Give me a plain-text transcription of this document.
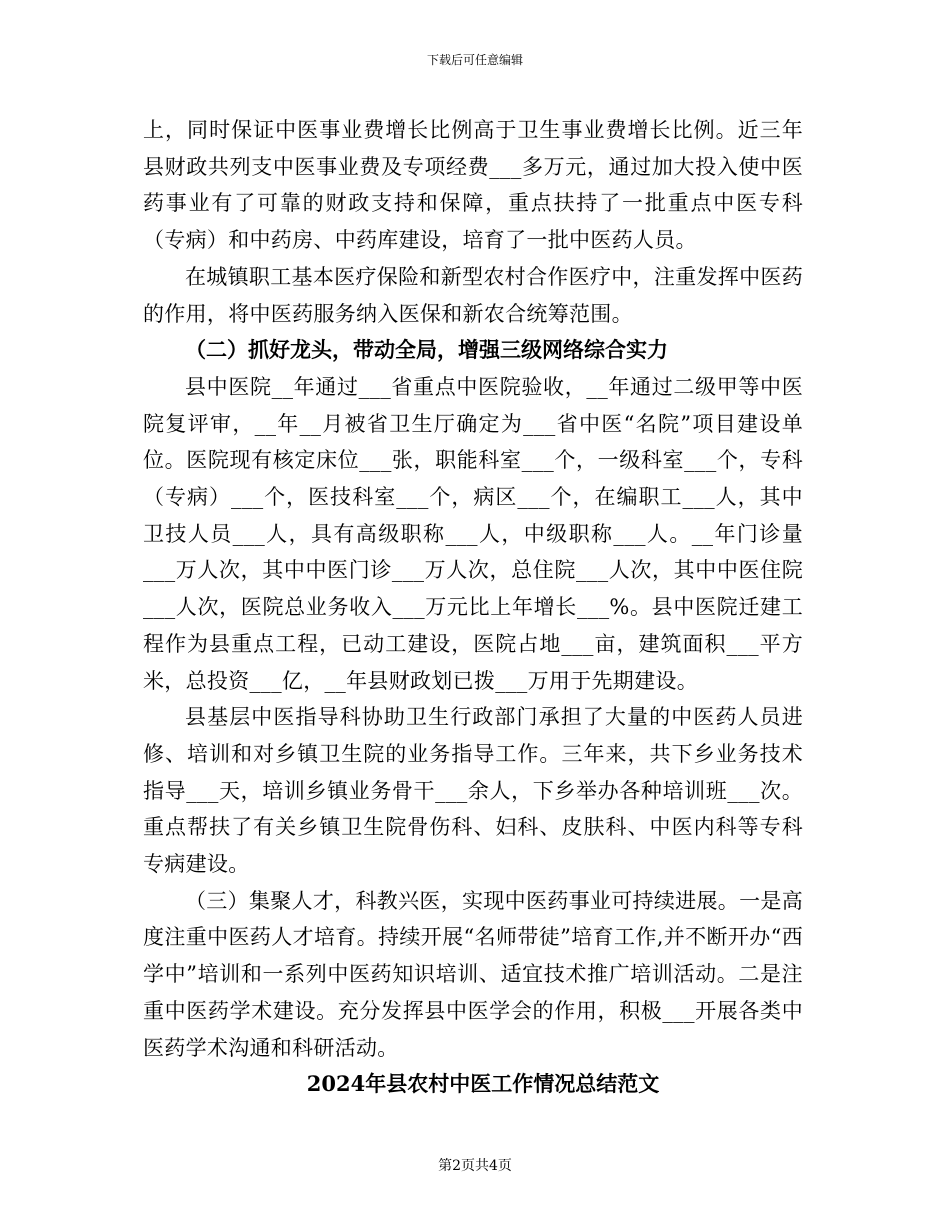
下载后可任意编辑

上，同时保证中医事业费增长比例高于卫生事业费增长比例。近三年县财政共列支中医事业费及专项经费___多万元，通过加大投入使中医药事业有了可靠的财政支持和保障，重点扶持了一批重点中医专科（专病）和中药房、中药库建设，培育了一批中医药人员。

在城镇职工基本医疗保险和新型农村合作医疗中，注重发挥中医药的作用，将中医药服务纳入医保和新农合统筹范围。

（二）抓好龙头，带动全局，增强三级网络综合实力

县中医院__年通过___省重点中医院验收，__年通过二级甲等中医院复评审，__年__月被省卫生厅确定为___省中医“名院”项目建设单位。医院现有核定床位___张，职能科室___个，一级科室___个，专科（专病）___个，医技科室___个，病区___个，在编职工___人，其中卫技人员___人，具有高级职称___人，中级职称___人。__年门诊量___万人次，其中中医门诊___万人次，总住院___人次，其中中医住院___人次，医院总业务收入___万元比上年增长___%。县中医院迁建工程作为县重点工程，已动工建设，医院占地___亩，建筑面积___平方米，总投资___亿，__年县财政划已拨___万用于先期建设。

县基层中医指导科协助卫生行政部门承担了大量的中医药人员进修、培训和对乡镇卫生院的业务指导工作。三年来，共下乡业务技术指导___天，培训乡镇业务骨干___余人，下乡举办各种培训班___次。重点帮扶了有关乡镇卫生院骨伤科、妇科、皮肤科、中医内科等专科专病建设。

（三）集聚人才，科教兴医，实现中医药事业可持续进展。一是高度注重中医药人才培育。持续开展“名师带徒”培育工作,并不断开办“西学中”培训和一系列中医药知识培训、适宜技术推广培训活动。二是注重中医药学术建设。充分发挥县中医学会的作用，积极___开展各类中医药学术沟通和科研活动。

2024年县农村中医工作情况总结范文

第2页共4页
